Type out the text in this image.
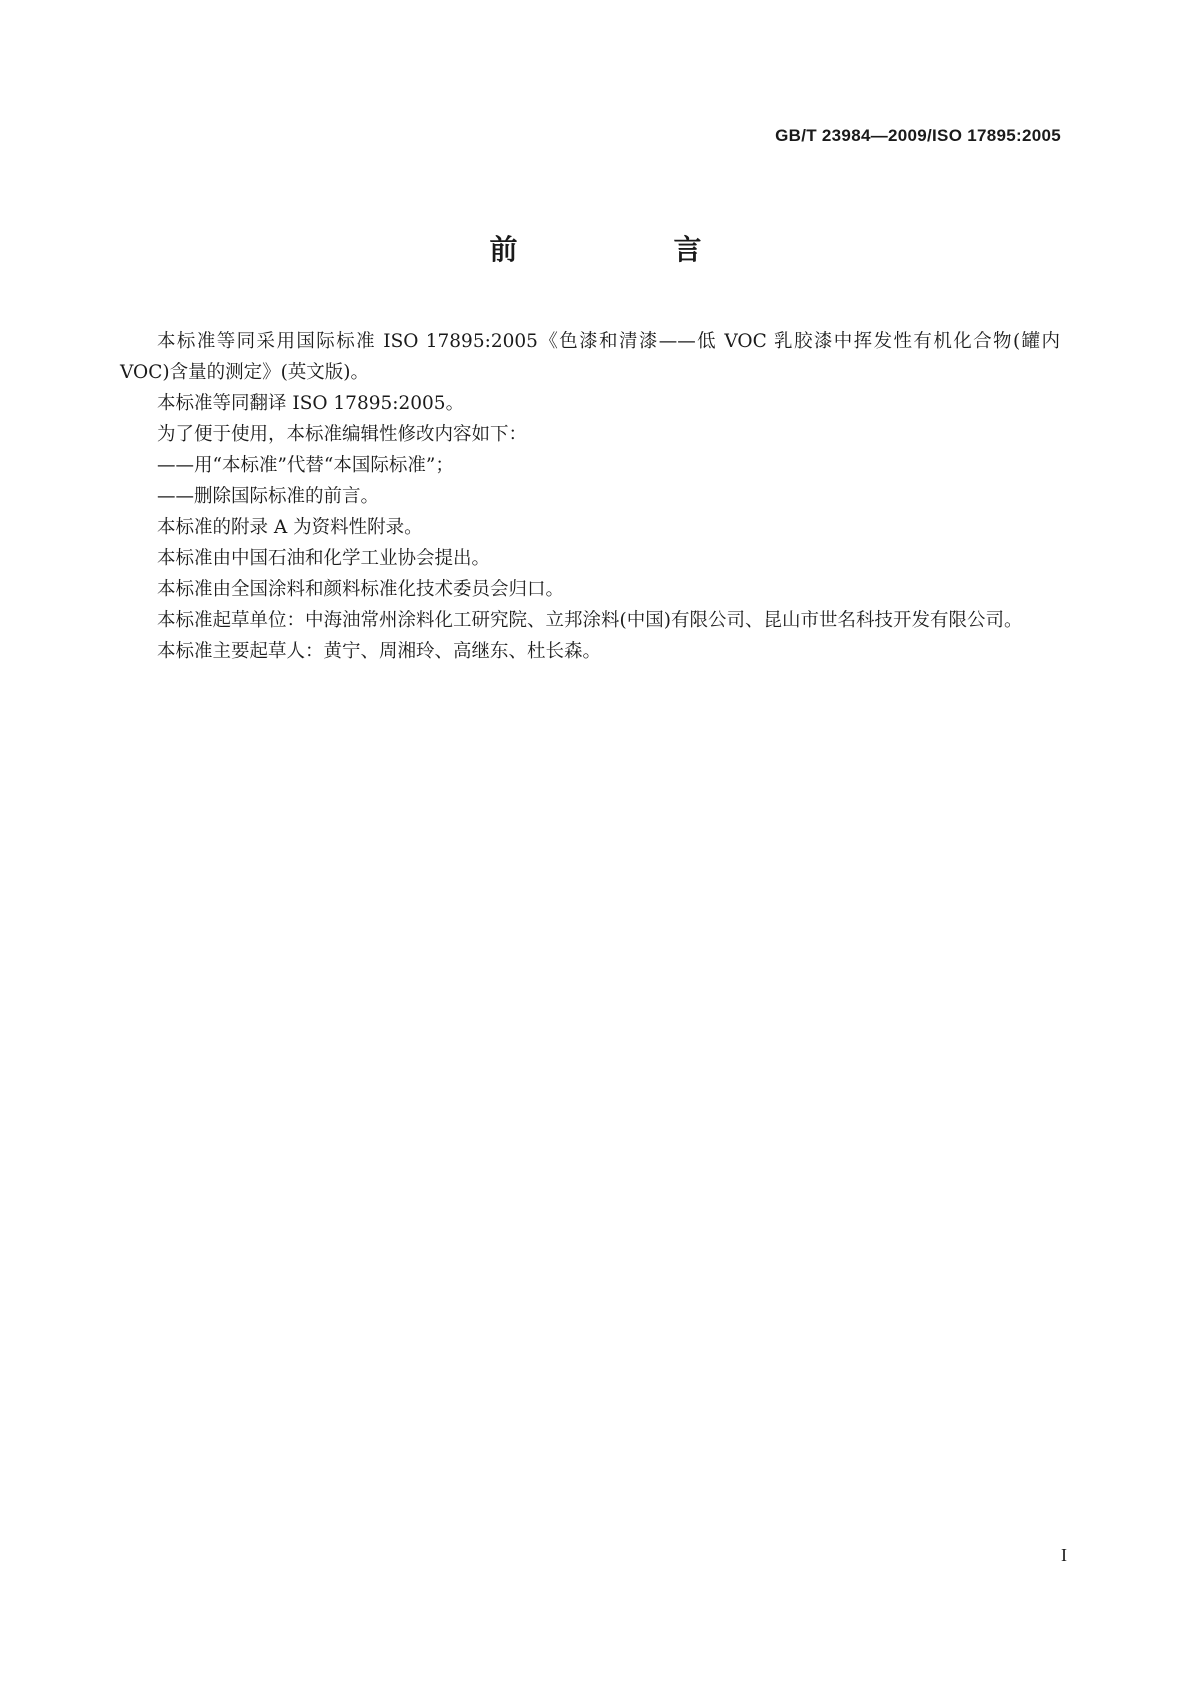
GB/T 23984—2009/ISO 17895:2005
前　言

本标准等同采用国际标准 ISO 17895:2005《色漆和清漆——低 VOC 乳胶漆中挥发性有机化合物(罐内 VOC)含量的测定》(英文版)。

本标准等同翻译 ISO 17895:2005。

为了便于使用，本标准编辑性修改内容如下：

——用“本标准”代替“本国际标准”；

——删除国际标准的前言。

本标准的附录 A 为资料性附录。

本标准由中国石油和化学工业协会提出。

本标准由全国涂料和颜料标准化技术委员会归口。

本标准起草单位：中海油常州涂料化工研究院、立邦涂料(中国)有限公司、昆山市世名科技开发有限公司。

本标准主要起草人：黄宁、周湘玲、高继东、杜长森。

I
